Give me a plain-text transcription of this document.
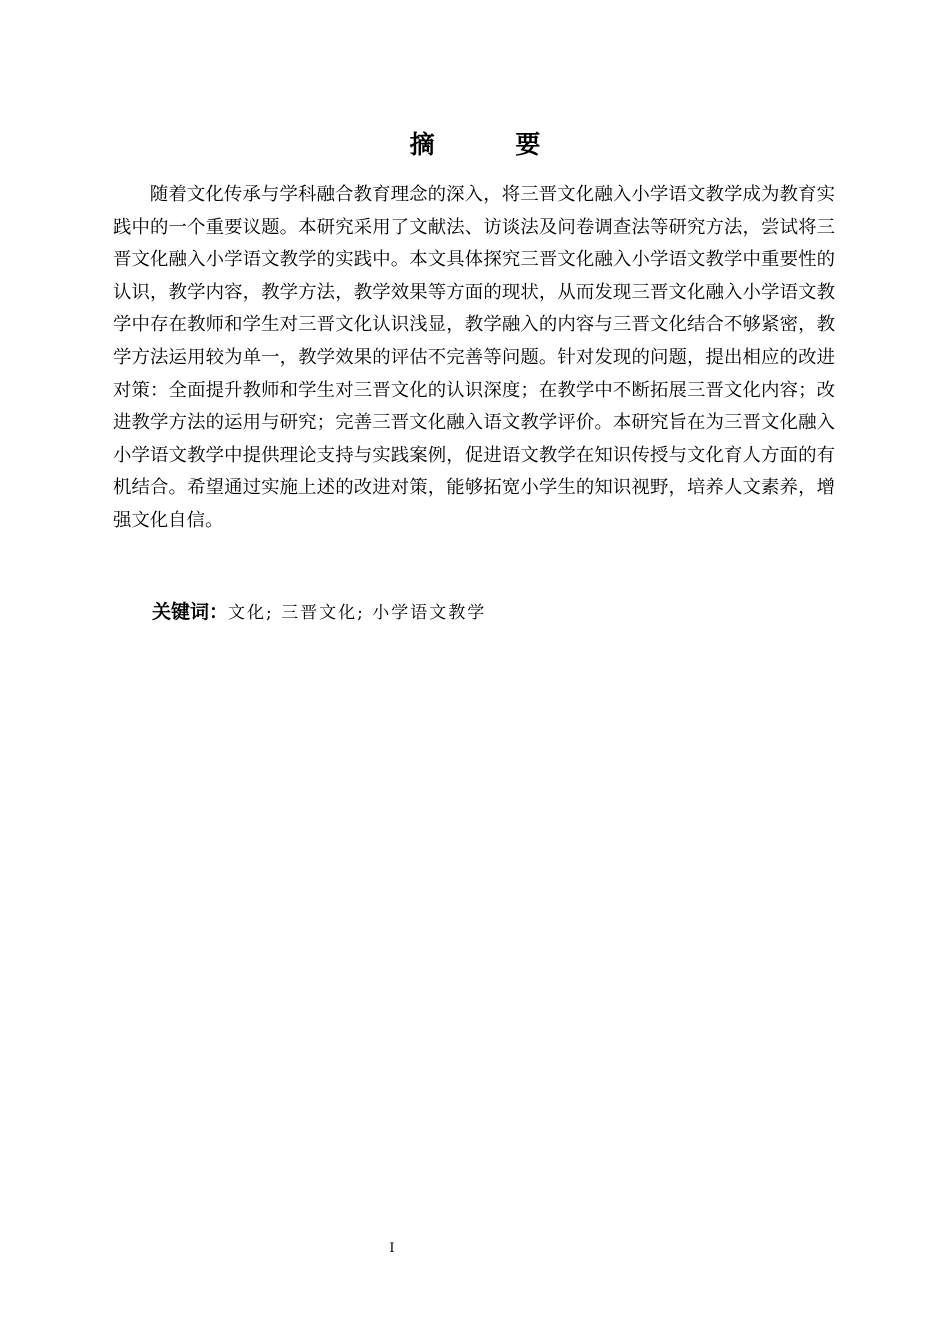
摘 要

随着文化传承与学科融合教育理念的深入，将三晋文化融入小学语文教学成为教育实践中的一个重要议题。本研究采用了文献法、访谈法及问卷调查法等研究方法，尝试将三晋文化融入小学语文教学的实践中。本文具体探究三晋文化融入小学语文教学中重要性的认识，教学内容，教学方法，教学效果等方面的现状，从而发现三晋文化融入小学语文教学中存在教师和学生对三晋文化认识浅显，教学融入的内容与三晋文化结合不够紧密，教学方法运用较为单一，教学效果的评估不完善等问题。针对发现的问题，提出相应的改进对策：全面提升教师和学生对三晋文化的认识深度；在教学中不断拓展三晋文化内容；改进教学方法的运用与研究；完善三晋文化融入语文教学评价。本研究旨在为三晋文化融入小学语文教学中提供理论支持与实践案例，促进语文教学在知识传授与文化育人方面的有机结合。希望通过实施上述的改进对策，能够拓宽小学生的知识视野，培养人文素养，增强文化自信。

关键词：文化; 三晋文化; 小学语文教学
I
